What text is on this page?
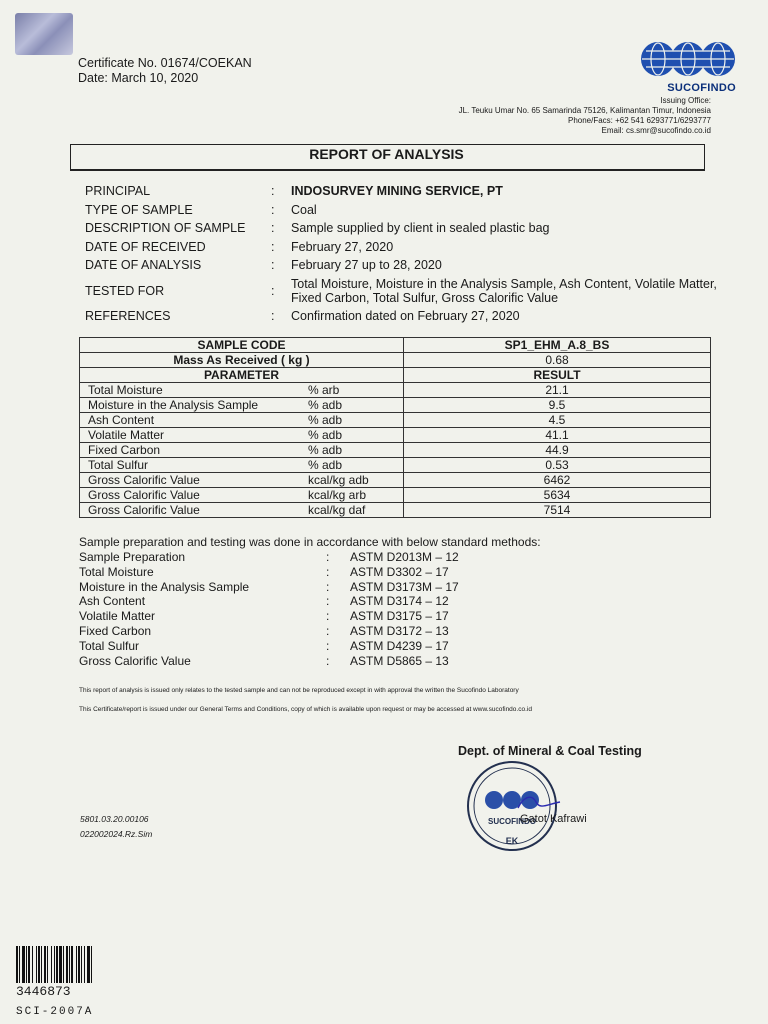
Certificate No. 01674/COEKAN
Date: March 10, 2020
SUCOFINDO
Issuing Office:
JL. Teuku Umar No. 65 Samarinda 75126, Kalimantan Timur, Indonesia
Phone/Facs: +62 541 6293771/6293777
Email: cs.smr@sucofindo.co.id
REPORT OF ANALYSIS
PRINCIPAL	:	INDOSURVEY MINING SERVICE, PT
TYPE OF SAMPLE	:	Coal
DESCRIPTION OF SAMPLE	:	Sample supplied by client in sealed plastic bag
DATE OF RECEIVED	:	February 27, 2020
DATE OF ANALYSIS	:	February 27 up to 28, 2020
TESTED FOR	:	Total Moisture, Moisture in the Analysis Sample, Ash Content, Volatile Matter, Fixed Carbon, Total Sulfur, Gross Calorific Value
REFERENCES	:	Confirmation dated on February 27, 2020
SAMPLE CODE		SP1_EHM_A.8_BS
Mass As Received ( kg )		0.68
PARAMETER		RESULT
Total Moisture	% arb	21.1
Moisture in the Analysis Sample	% adb	9.5
Ash Content	% adb	4.5
Volatile Matter	% adb	41.1
Fixed Carbon	% adb	44.9
Total Sulfur	% adb	0.53
Gross Calorific Value	kcal/kg adb	6462
Gross Calorific Value	kcal/kg arb	5634
Gross Calorific Value	kcal/kg daf	7514
Sample preparation and testing was done in accordance with below standard methods:
Sample Preparation	:	ASTM D2013M – 12
Total Moisture	:	ASTM D3302 – 17
Moisture in the Analysis Sample	:	ASTM D3173M – 17
Ash Content	:	ASTM D3174 – 12
Volatile Matter	:	ASTM D3175 – 17
Fixed Carbon	:	ASTM D3172 – 13
Total Sulfur	:	ASTM D4239 – 17
Gross Calorific Value	:	ASTM D5865 – 13
This report of analysis is issued only relates to the tested sample and can not be reproduced except in with approval the written the Sucofindo Laboratory
This Certificate/report is issued under our General Terms and Conditions, copy of which is available upon request or may be accessed at www.sucofindo.co.id
Dept. of Mineral & Coal Testing
SUCOFINDO
EK
Gatot Kafrawi
5801.03.20.00106
022002024.Rz.Sim
3446873
SCI-2007A
